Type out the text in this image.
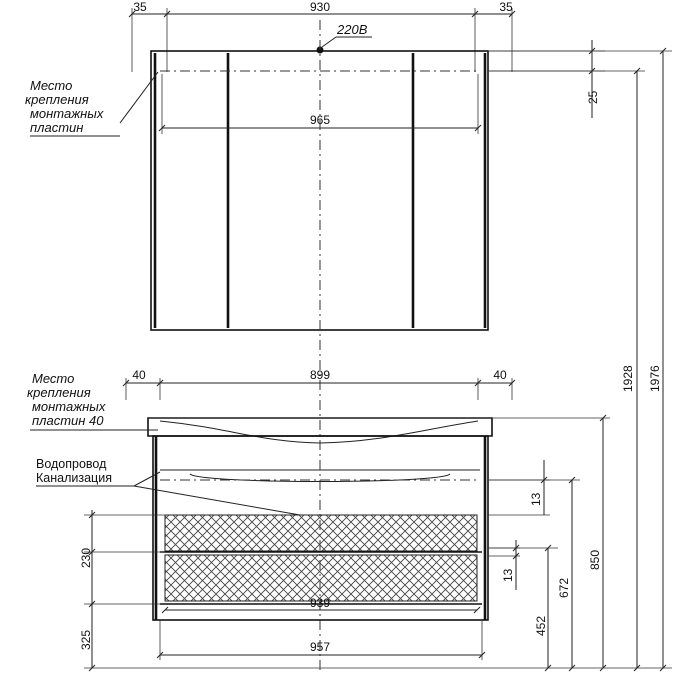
35	930	35
220В
965
25
Место
крепления
монтажных
пластин
40	899	40
Место
крепления
монтажных
пластин 40
Водопровод
Канализация
13
13
230
325
939
957
452
672
850
1928 1976
